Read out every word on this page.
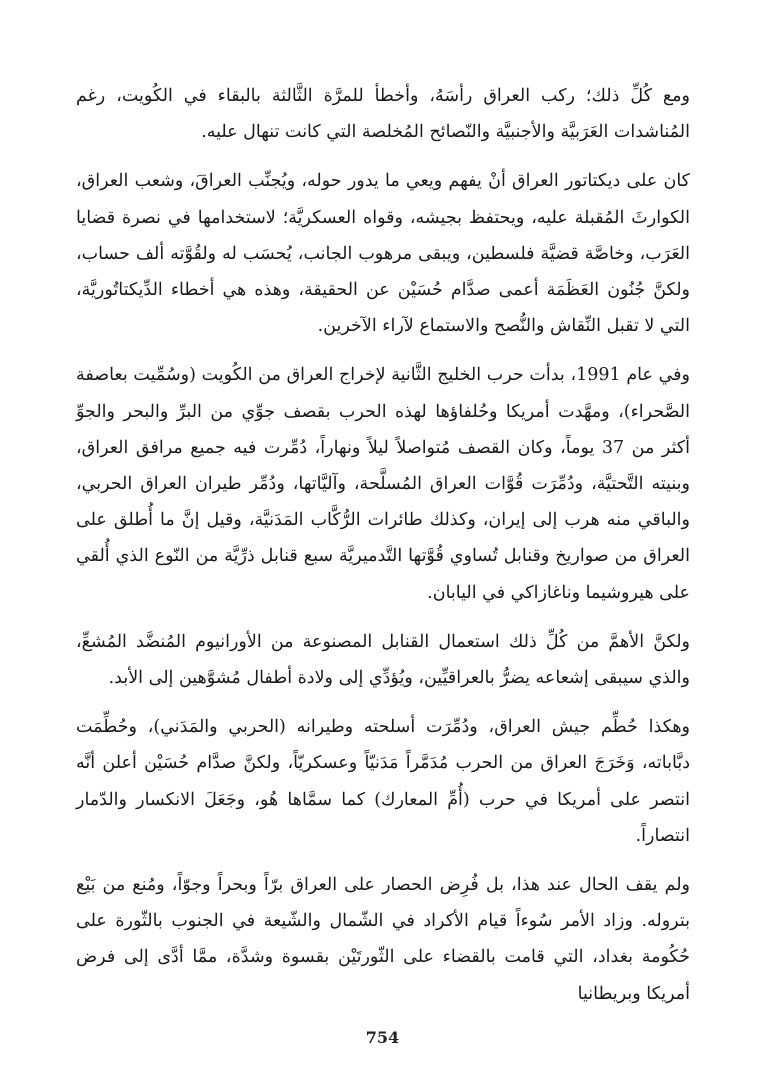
ومع كُلِّ ذلك؛ ركب العراق رأسَهُ، وأخطأ للمرَّة الثَّالثة بالبقاء في الكُويت، رغم المُناشدات العَرَبيَّة والأجنبيَّة والنّصائح المُخلصة التي كانت تنهال عليه.

كان على ديكتاتور العراق أنْ يفهم ويعي ما يدور حوله، ويُجنِّب العراقَ، وشعب العراق، الكوارثَ المُقبلة عليه، ويحتفظ بجيشه، وقواه العسكريَّة؛ لاستخدامها في نصرة قضايا العَرَب، وخاصَّة قضيَّة فلسطين، ويبقى مرهوب الجانب، يُحسَب له ولقُوَّته ألف حساب، ولكنَّ جُنُون العَظَمَة أعمى صدَّام حُسَيْن عن الحقيقة، وهذه هي أخطاء الدِّيكتاتُوريَّة، التي لا تقبل النِّقاش والنُّصح والاستماع لآراء الآخرين.

وفي عام 1991، بدأت حرب الخليج الثَّانية لإخراج العراق من الكُويت (وسُمِّيت بعاصفة الصَّحراء)، ومهَّدت أمريكا وحُلفاؤها لهذه الحرب بقصف جوِّي من البرِّ والبحر والجوِّ أكثر من 37 يوماً، وكان القصف مُتواصلاً ليلاً ونهاراً، دُمِّرت فيه جميع مرافق العراق، وبنيته التَّحتيَّة، ودُمِّرَت قُوَّات العراق المُسلَّحة، وآليَّاتها، ودُمِّر طيران العراق الحربي، والباقي منه هرب إلى إيران، وكذلك طائرات الرُّكَّاب المَدَنيَّة، وقيل إنَّ ما أُطلق على العراق من صواريخ وقنابل تُساوي قُوَّتها التَّدميريَّة سبع قنابل ذرِّيَّة من النّوع الذي أُلقي على هيروشيما وناغازاكي في اليابان.

ولكنَّ الأهمَّ من كُلِّ ذلك استعمال القنابل المصنوعة من الأورانيوم المُنضَّد المُشعِّ، والذي سيبقى إشعاعه يضرُّ بالعراقيِّين، ويُؤدِّي إلى ولادة أطفال مُشوَّهين إلى الأبد.

وهكذا حُطِّم جيش العراق، ودُمِّرَت أسلحته وطيرانه (الحربي والمَدَني)، وحُطِّمَت دبَّاباته، وَخَرَجَ العراق من الحرب مُدَمَّراً مَدَنيّاً وعسكريّاً، ولكنَّ صدَّام حُسَيْن أعلن أنَّه انتصر على أمريكا في حرب (أُمِّ المعارك) كما سمَّاها هُو، وجَعَلَ الانكسار والدّمار انتصاراً.

ولم يقف الحال عند هذا، بل فُرِض الحصار على العراق برّاً وبحراً وجوّاً، ومُنع من بَيْع بتروله. وزاد الأمر سُوءاً قيام الأكراد في الشّمال والشّيعة في الجنوب بالثّورة على حُكُومة بغداد، التي قامت بالقضاء على الثّورتَيْن بقسوة وشدَّة، ممَّا أدَّى إلى فرض أمريكا وبريطانيا

754
